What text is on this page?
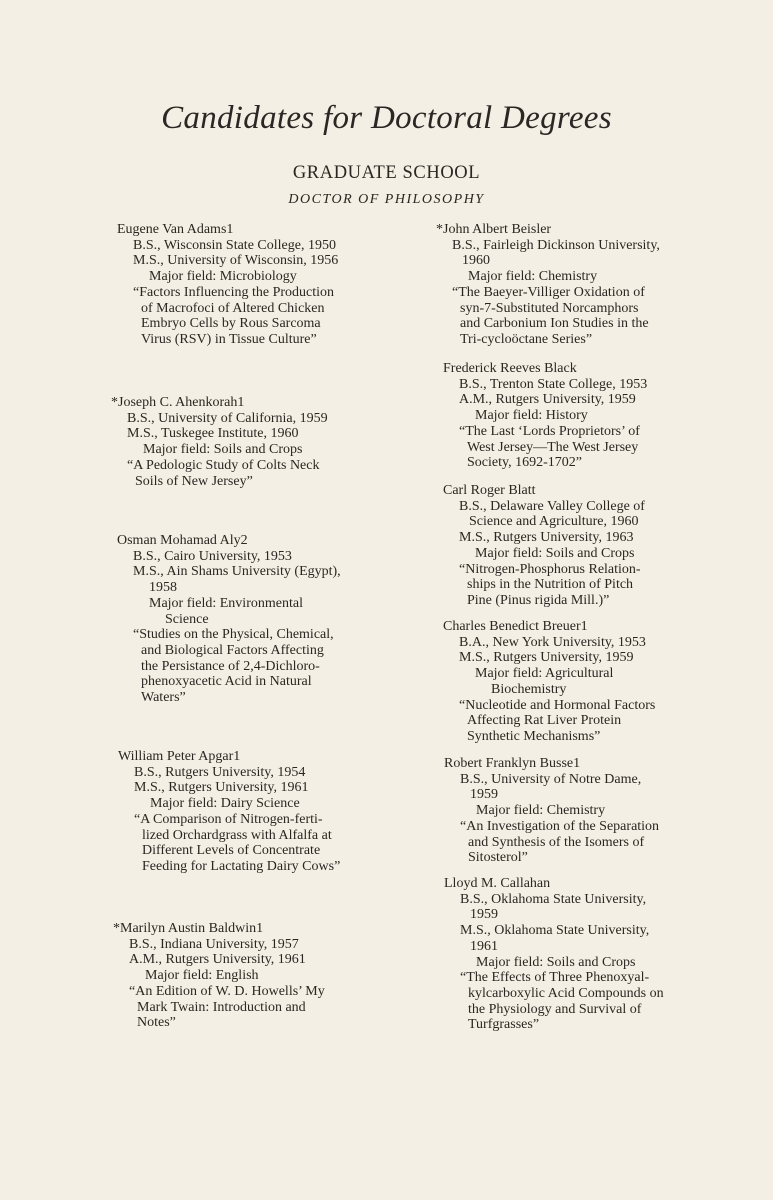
Candidates for Doctoral Degrees
GRADUATE SCHOOL
DOCTOR OF PHILOSOPHY
Eugene Van Adams1
B.S., Wisconsin State College, 1950
M.S., University of Wisconsin, 1956
Major field: Microbiology
“Factors Influencing the Production
of Macrofoci of Altered Chicken
Embryo Cells by Rous Sarcoma
Virus (RSV) in Tissue Culture”
*Joseph C. Ahenkorah1
B.S., University of California, 1959
M.S., Tuskegee Institute, 1960
Major field: Soils and Crops
“A Pedologic Study of Colts Neck
Soils of New Jersey”
Osman Mohamad Aly2
B.S., Cairo University, 1953
M.S., Ain Shams University (Egypt),
1958
Major field: Environmental
Science
“Studies on the Physical, Chemical,
and Biological Factors Affecting
the Persistance of 2,4-Dichloro-
phenoxyacetic Acid in Natural
Waters”
William Peter Apgar1
B.S., Rutgers University, 1954
M.S., Rutgers University, 1961
Major field: Dairy Science
“A Comparison of Nitrogen-ferti-
lized Orchardgrass with Alfalfa at
Different Levels of Concentrate
Feeding for Lactating Dairy Cows”
*Marilyn Austin Baldwin1
B.S., Indiana University, 1957
A.M., Rutgers University, 1961
Major field: English
“An Edition of W. D. Howells’ My
Mark Twain: Introduction and
Notes”
*John Albert Beisler
B.S., Fairleigh Dickinson University,
1960
Major field: Chemistry
“The Baeyer-Villiger Oxidation of
syn-7-Substituted Norcamphors
and Carbonium Ion Studies in the
Tri-cycloöctane Series”
Frederick Reeves Black
B.S., Trenton State College, 1953
A.M., Rutgers University, 1959
Major field: History
“The Last ‘Lords Proprietors’ of
West Jersey—The West Jersey
Society, 1692-1702”
Carl Roger Blatt
B.S., Delaware Valley College of
Science and Agriculture, 1960
M.S., Rutgers University, 1963
Major field: Soils and Crops
“Nitrogen-Phosphorus Relation-
ships in the Nutrition of Pitch
Pine (Pinus rigida Mill.)”
Charles Benedict Breuer1
B.A., New York University, 1953
M.S., Rutgers University, 1959
Major field: Agricultural
Biochemistry
“Nucleotide and Hormonal Factors
Affecting Rat Liver Protein
Synthetic Mechanisms”
Robert Franklyn Busse1
B.S., University of Notre Dame,
1959
Major field: Chemistry
“An Investigation of the Separation
and Synthesis of the Isomers of
Sitosterol”
Lloyd M. Callahan
B.S., Oklahoma State University,
1959
M.S., Oklahoma State University,
1961
Major field: Soils and Crops
“The Effects of Three Phenoxyal-
kylcarboxylic Acid Compounds on
the Physiology and Survival of
Turfgrasses”
